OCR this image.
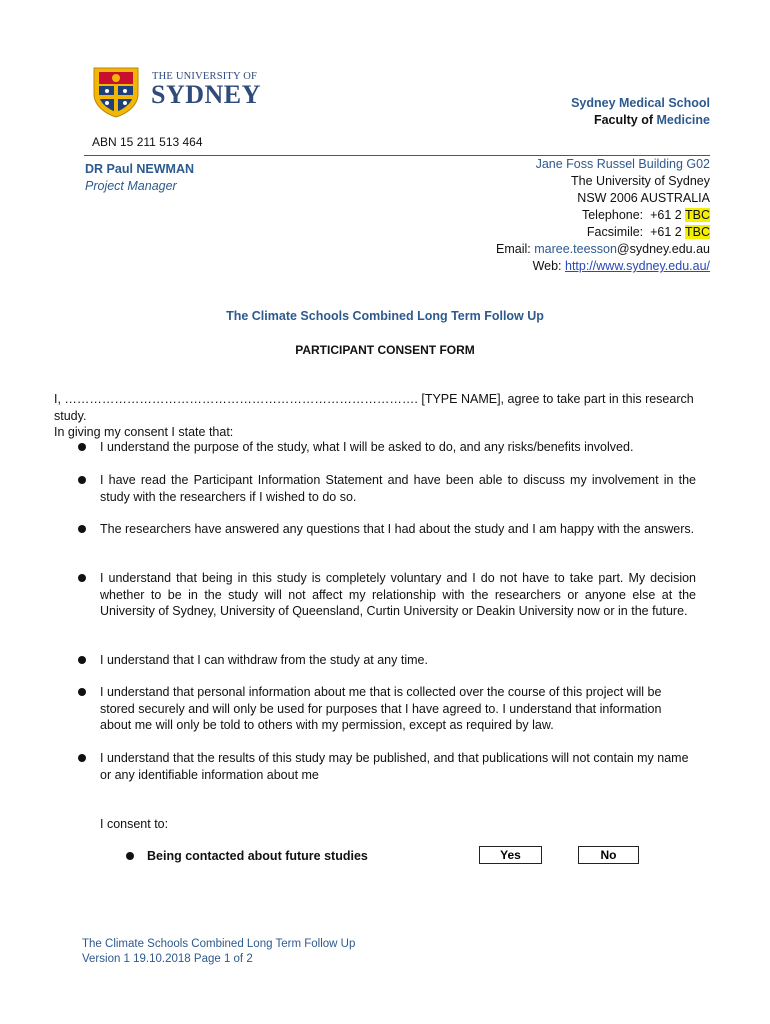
THE UNIVERSITY OF
SYDNEY	Sydney Medical School
Faculty of Medicine
ABN 15 211 513 464
DR Paul NEWMAN
Project Manager
Jane Foss Russel Building G02
The University of Sydney
NSW 2006 AUSTRALIA
Telephone: +61 2 TBC
Facsimile: +61 2 TBC
Email: maree.teesson@sydney.edu.au
Web: http://www.sydney.edu.au/
The Climate Schools Combined Long Term Follow Up
PARTICIPANT CONSENT FORM
I, …………………………………………………………………………. [TYPE NAME], agree to take part in this research study.
In giving my consent I state that:
I understand the purpose of the study, what I will be asked to do, and any risks/benefits involved.
I have read the Participant Information Statement and have been able to discuss my involvement in the study with the researchers if I wished to do so.
The researchers have answered any questions that I had about the study and I am happy with the answers.
I understand that being in this study is completely voluntary and I do not have to take part. My decision whether to be in the study will not affect my relationship with the researchers or anyone else at the University of Sydney, University of Queensland, Curtin University or Deakin University now or in the future.
I understand that I can withdraw from the study at any time.
I understand that personal information about me that is collected over the course of this project will be stored securely and will only be used for purposes that I have agreed to. I understand that information about me will only be told to others with my permission, except as required by law.
I understand that the results of this study may be published, and that publications will not contain my name or any identifiable information about me
I consent to:
Being contacted about future studies	Yes	No
The Climate Schools Combined Long Term Follow Up
Version 1 19.10.2018 Page 1 of 2
